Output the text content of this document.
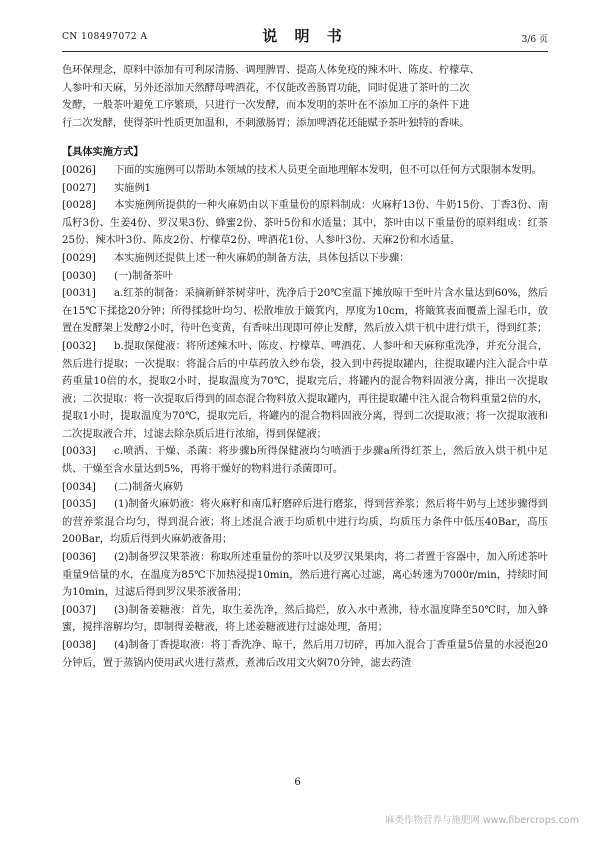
CN 108497072 A	说 明 书	3/6 页

色环保理念，原料中添加有可利尿清肠、调理脾胃、提高人体免疫的辣木叶、陈皮、柠檬草、

人参叶和天麻，另外还添加天然酵母啤酒花，不仅能改善肠胃功能，同时促进了茶叶的二次

发酵，一般茶叶避免工序繁琐，只进行一次发酵，而本发明的茶叶在不添加工序的条件下进

行二次发酵，使得茶叶性质更加温和，不刺激肠胃；添加啤酒花还能赋予茶叶独特的香味。

【具体实施方式】

[0026] 下面的实施例可以帮助本领域的技术人员更全面地理解本发明，但不可以任何方式限制本发明。

[0027] 实施例1

[0028] 本实施例所提供的一种火麻奶由以下重量份的原料制成：火麻籽13份、牛奶15份、丁香3份、南瓜籽3份、生姜4份、罗汉果3份、蜂蜜2份、茶叶5份和水适量；其中，茶叶由以下重量份的原料组成：红茶25份、辣木叶3份、陈皮2份、柠檬草2份、啤酒花1份、人参叶3份、天麻2份和水适量。

[0029] 本实施例还提供上述一种火麻奶的制备方法，具体包括以下步骤：

[0030] (一)制备茶叶

[0031] a.红茶的制备：采摘新鲜茶树芽叶，洗净后于20℃室温下摊放晾干至叶片含水量达到60%，然后在15℃下揉捻20分钟；所得揉捻叶均匀、松散堆放于簸箕内，厚度为10cm，将簸箕表面覆盖上湿毛巾，放置在发酵架上发酵2小时，待叶色变黄，有香味出现即可停止发酵，然后放入烘干机中进行烘干，得到红茶；

[0032] b.提取保健液：将所述辣木叶、陈皮、柠檬草、啤酒花、人参叶和天麻称重洗净，并充分混合，然后进行提取；一次提取：将混合后的中草药放入纱布袋，投入到中药提取罐内，往提取罐内注入混合中草药重量10倍的水，提取2小时，提取温度为70℃，提取完后，将罐内的混合物料固液分离，排出一次提取液；二次提取：将一次提取后得到的固态混合物料放入提取罐内，再往提取罐中注入混合物料重量2倍的水，提取1小时，提取温度为70℃，提取完后，将罐内的混合物料固液分离，得到二次提取液；将一次提取液和二次提取液合并，过滤去除杂质后进行浓缩，得到保健液；

[0033] c.喷洒、干燥、杀菌：将步骤b所得保健液均匀喷洒于步骤a所得红茶上，然后放入烘干机中足烘、干燥至含水量达到5%，再将干燥好的物料进行杀菌即可。

[0034] (二)制备火麻奶

[0035] (1)制备火麻奶液：将火麻籽和南瓜籽磨碎后进行磨浆，得到营养浆；然后将牛奶与上述步骤得到的营养浆混合均匀，得到混合液；将上述混合液于均质机中进行均质，均质压力条件中低压40Bar，高压200Bar，均质后得到火麻奶液备用；

[0036] (2)制备罗汉果茶液：称取所述重量份的茶叶以及罗汉果果肉，将二者置于容器中，加入所述茶叶重量9倍量的水，在温度为85℃下加热浸提10min，然后进行离心过滤，离心转速为7000r/min，持续时间为10min，过滤后得到罗汉果茶液备用；

[0037] (3)制备姜糖液：首先，取生姜洗净，然后捣烂，放入水中煮沸，待水温度降至50℃时，加入蜂蜜，搅拌溶解均匀，即制得姜糖液，将上述姜糖液进行过滤处理，备用；

[0038] (4)制备丁香提取液：将丁香洗净、晾干，然后用刀切碎，再加入混合丁香重量5倍量的水浸泡20分钟后，置于蒸锅内使用武火进行蒸煮，煮沸后改用文火焖70分钟，滤去药渣

6
麻类作物营养与施肥网 www.fibercrops.com
